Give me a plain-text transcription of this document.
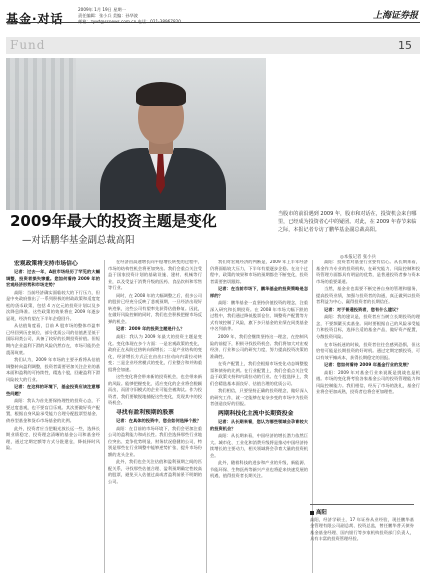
基金·对话
2009年 1月 19日 星期一
责任编辑：张小兵 美编：孙华波
邮箱：zywt@ssnews.com.cn 电话：021-38967820
上海证券报
Fund	15
2009年最大的投资主题是变化
—对话鹏华基金副总裁高阳
当股市的前沿遇到 2009 年，股市和对话在，投资机会来自哪里，已经成为投资者心中的疑团。对此，在 2009 年春节来临之际，本报记者专访了鹏华基金副总裁高阳。
◎本报记者 张小兵

宏观政策将支持市场信心

记者：过去一年，A股市场经历了罕见的大幅调整，投资者损失惨重。您如何看待 2009 年的宏观经济形势和市场走势？

高阳：当前经济确实面临较大的下行压力，但是中央政府推出了一系列积极的财政政策和适度宽松的货币政策，包括 4 万亿元的投资计划以及多次降息降准。这些政策的效果将在 2009 年逐步显现，经济有望在下半年企稳回升。

从估值角度看，目前 A 股市场的整体市盈率已经回到历史低位，部分优质公司的估值甚至低于国际同类公司，具备了较好的长期投资价值。但短期内企业盈利下滑的风险仍然存在，市场可能仍会震荡筑底。

我们认为，2009 年市场的主要矛盾将从估值调整转向盈利调整，投资者需要更加关注企业的基本面和盈利的可持续性，精选个股，回避盈利下滑风险较大的行业。

记者：在这样的环境下，基金投资应该注意哪些问题？

高阳：我认为首先要保持理性的投资心态，不要过度悲观，也不要盲目乐观。其次要做好资产配置，根据自身风险承受能力合理分配股票型基金、债券型基金和货币市场基金的比例。

此外，投资者应当把眼光放长远一些，选择长期业绩稳定、投资理念清晰的基金公司和基金经理，通过定期定额等方式分批建仓，降低择时风险。

在经济由高速增长向平稳增长转变的过程中，市场的结构性机会将更加突出。我们会重点关注受益于国家投资计划的基础设施、建材、机械等行业，以及受益于消费升级的医药、食品饮料和零售等行业。

同时，在 2008 年的大幅调整之后，很多公司的股价已经充分反映了悲观预期，一旦经济出现好转迹象，这些公司有望率先获得估值修复。因此，在做好风险控制的同时，我们也会积极把握市场反弹的机会。

记者：2009 年的投资主题是什么？

高阳：我认为 2009 年最大的投资主题是变化。变化体现在多个方面：一是宏观政策的变化，政府正在从防过热转向保增长；二是产业结构的变化，经济增长方式正在由出口拉动向内需拉动转变；三是企业经营模式的变化，行业整合和并购重组将会加速。

这些变化将会带来新的投资机会，也会带来新的风险。能够把握变化、适应变化的企业将会脱颖而出，而固守旧模式的企业可能会被淘汰。作为投资者，我们要敏锐地捕捉这些变化，发现其中的投资机会。

寻找有盈利预期的股票

记者：在具体的投资中，您会如何选择个股？

高阳：在目前的市场环境下，我们会更加注重公司的盈利能力和成长性。我们会选择那些行业地位突出、竞争优势明显、财务状况稳健的公司，特别是那些在行业调整中能够逆势扩张、提升市场份额的龙头企业。

此外，我们也会关注估值和盈利预期之间的匹配关系，寻找那些估值合理、盈利预期确定性较高的股票，避免买入估值过高或者盈利前景不明朗的公司。

我们对宏观经济的判断是，2009 年上半年经济仍将面临较大压力，下半年有望逐步企稳。在这个过程中，政策的效果和市场的预期都会不断变化，投资者需要密切跟踪。

记者：在当前市场下，鹏华基金的投资策略是怎样的？

高阳：鹏华基金一直坚持价值投资的理念，注重深入研究和长期投资。在 2008 年市场大幅下跌的过程中，我们通过降低股票仓位、调整资产配置等方式有效控制了风险，旗下多只基金的业绩在同类基金中名列前茅。

2009 年，我们会继续坚持这一理念，在控制风险的前提下，积极寻找投资机会。我们将加大对宏观经济、行业和公司的研究力度，努力提高投资决策的准确性。

在资产配置上，我们会根据市场变化动态调整股票和债券的比例。在行业配置上，我们会重点关注受益于政策支持和内需拉动的行业。在个股选择上，我们会精选基本面良好、估值合理的优质公司。

我们相信，只要坚持正确的投资理念，做好深入的研究工作，就一定能够在复杂多变的市场中为投资者创造良好的回报。

两期科技化主流中长期资投金

记者：从长期来看，您认为哪些领域会孕育较大的投资机会？

高阳：从长期来看，中国经济的增长潜力依然巨大。城市化、工业化和消费升级将是推动中国经济持续增长的主要动力，相关领域将会孕育大量的投资机会。

此外，随着科技的进步和产业的升级，新能源、节能环保、生物医药等新兴产业也将迎来快速发展的机遇，值得投资者长期关注。

高阳：投资者对基金行业要有信心。从长期来看，基金作为专业的投资机构，在研究能力、风险控制和投资管理方面都具有明显的优势，是普通投资者参与资本市场的重要渠道。

当然，基金业也需要不断完善自身的管理和服务，提高投资业绩，加强与投资者的沟通，真正做到以投资者利益为中心，赢得投资者的长期信任。

记者：对于普通投资者，您有什么建议？

高阳：我的建议是，投资者应当树立长期投资的理念，不要频繁买卖基金。同时要根据自己的风险承受能力和投资目标，选择合适的基金产品，做好资产配置，分散投资风险。

在市场低迷的时候，投资者往往会感到恐惧，但这恰恰可能是长期投资的好时机。通过定期定额投资，可以有效平摊成本，获得长期稳定的回报。

记者：您如何看待 2009 年基金行业的发展？

高阳：2009 年对基金行业来说既是挑战也是机遇。市场的变化将考验各家基金公司的投资管理能力和风险控制能力。我们相信，经历了市场的洗礼，基金行业将会更加成熟，投资者也将会更加理性。

高阳
高阳，经济学硕士，17 年证券从业经验，现任鹏华基金管理有限公司副总裁、投资总监，曾任鹏华普天债券基金基金经理、国内银行等多家机构投资部门负责人，具有丰富的投资管理经验。
